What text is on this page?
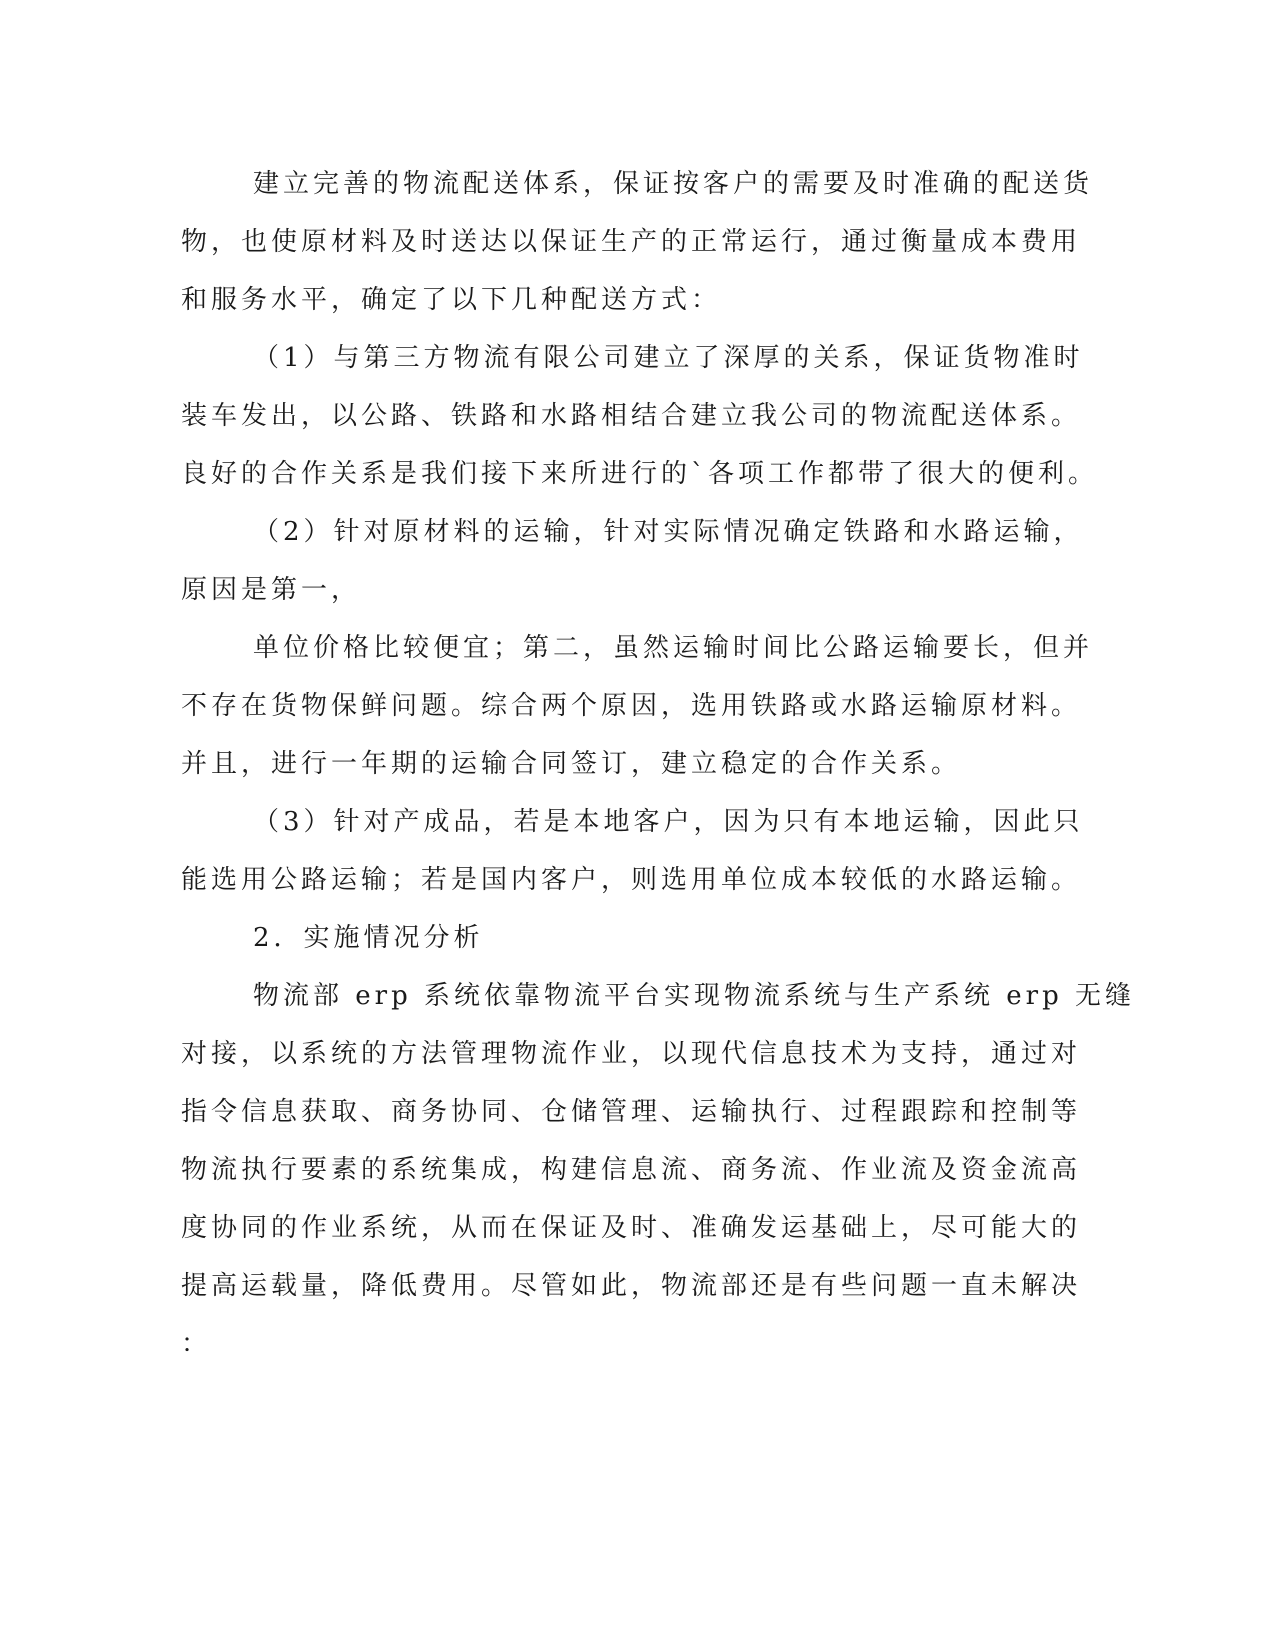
建立完善的物流配送体系，保证按客户的需要及时准确的配送货
物，也使原材料及时送达以保证生产的正常运行，通过衡量成本费用
和服务水平，确定了以下几种配送方式：
（1）与第三方物流有限公司建立了深厚的关系，保证货物准时
装车发出，以公路、铁路和水路相结合建立我公司的物流配送体系。
良好的合作关系是我们接下来所进行的`各项工作都带了很大的便利。
（2）针对原材料的运输，针对实际情况确定铁路和水路运输，
原因是第一，
单位价格比较便宜；第二，虽然运输时间比公路运输要长，但并
不存在货物保鲜问题。综合两个原因，选用铁路或水路运输原材料。
并且，进行一年期的运输合同签订，建立稳定的合作关系。
（3）针对产成品，若是本地客户，因为只有本地运输，因此只
能选用公路运输；若是国内客户，则选用单位成本较低的水路运输。
2．实施情况分析
物流部 erp 系统依靠物流平台实现物流系统与生产系统 erp 无缝
对接，以系统的方法管理物流作业，以现代信息技术为支持，通过对
指令信息获取、商务协同、仓储管理、运输执行、过程跟踪和控制等
物流执行要素的系统集成，构建信息流、商务流、作业流及资金流高
度协同的作业系统，从而在保证及时、准确发运基础上，尽可能大的
提高运载量，降低费用。尽管如此，物流部还是有些问题一直未解决
：
